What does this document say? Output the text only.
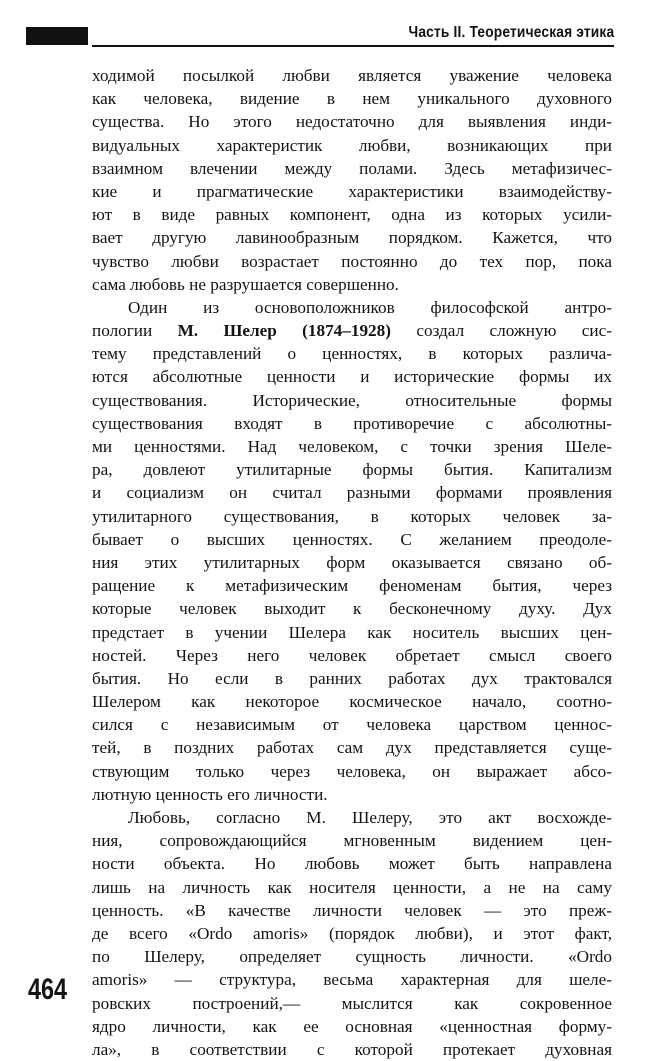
Часть II. Теоретическая этика
ходимой посылкой любви является уважение человека
как человека, видение в нем уникального духовного
существа. Но этого недостаточно для выявления инди-
видуальных характеристик любви, возникающих при
взаимном влечении между полами. Здесь метафизичес-
кие и прагматические характеристики взаимодейству-
ют в виде равных компонент, одна из которых усили-
вает другую лавинообразным порядком. Кажется, что
чувство любви возрастает постоянно до тех пор, пока
сама любовь не разрушается совершенно.
Один из основоположников философской антро-
пологии М. Шелер (1874–1928) создал сложную сис-
тему представлений о ценностях, в которых различа-
ются абсолютные ценности и исторические формы их
существования. Исторические, относительные формы
существования входят в противоречие с абсолютны-
ми ценностями. Над человеком, с точки зрения Шеле-
ра, довлеют утилитарные формы бытия. Капитализм
и социализм он считал разными формами проявления
утилитарного существования, в которых человек за-
бывает о высших ценностях. С желанием преодоле-
ния этих утилитарных форм оказывается связано об-
ращение к метафизическим феноменам бытия, через
которые человек выходит к бесконечному духу. Дух
предстает в учении Шелера как носитель высших цен-
ностей. Через него человек обретает смысл своего
бытия. Но если в ранних работах дух трактовался
Шелером как некоторое космическое начало, соотно-
сился с независимым от человека царством ценнос-
тей, в поздних работах сам дух представляется суще-
ствующим только через человека, он выражает абсо-
лютную ценность его личности.
Любовь, согласно М. Шелеру, это акт восхожде-
ния, сопровождающийся мгновенным видением цен-
ности объекта. Но любовь может быть направлена
лишь на личность как носителя ценности, а не на саму
ценность. «В качестве личности человек — это преж-
де всего «Ordo amoris» (порядок любви), и этот факт,
по Шелеру, определяет сущность личности. «Ordo
amoris» — структура, весьма характерная для шеле-
ровских построений,— мыслится как сокровенное
ядро личности, как ее основная «ценностная форму-
ла», в соответствии с которой протекает духовная
464
